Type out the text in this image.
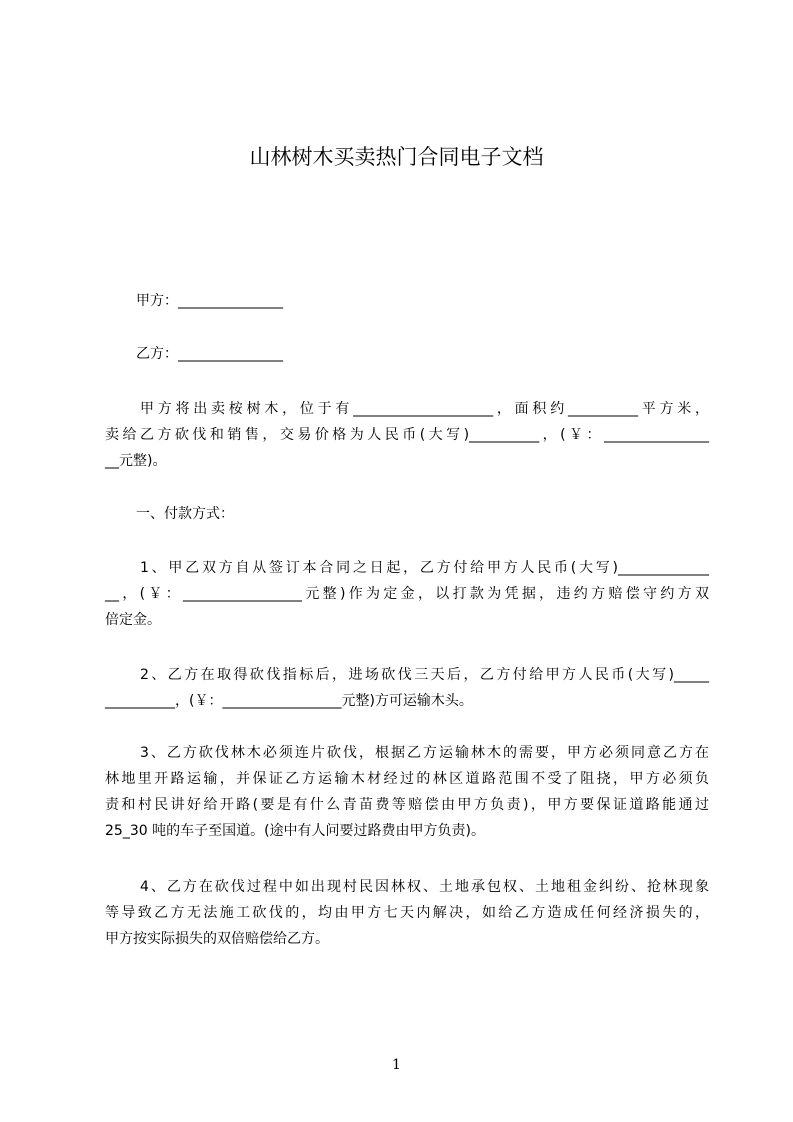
山林树木买卖热门合同电子文档
甲方：_______________
乙方：_______________
甲方将出卖桉树木，位于有____________________，面积约__________平方米，
卖给乙方砍伐和销售，交易价格为人民币(大写)__________，(￥：_______________
__元整)。
一、付款方式：
1、甲乙双方自从签订本合同之日起，乙方付给甲方人民币(大写)_____________
__，(￥：_________________元整)作为定金，以打款为凭据，违约方赔偿守约方双
倍定金。
2、乙方在取得砍伐指标后，进场砍伐三天后，乙方付给甲方人民币(大写)_____
__________，(￥：_________________元整)方可运输木头。
3、乙方砍伐林木必须连片砍伐，根据乙方运输林木的需要，甲方必须同意乙方在
林地里开路运输，并保证乙方运输木材经过的林区道路范围不受了阻挠，甲方必须负
责和村民讲好给开路(要是有什么青苗费等赔偿由甲方负责)，甲方要保证道路能通过
25_30 吨的车子至国道。(途中有人问要过路费由甲方负责)。
4、乙方在砍伐过程中如出现村民因林权、土地承包权、土地租金纠纷、抢林现象
等导致乙方无法施工砍伐的，均由甲方七天内解决，如给乙方造成任何经济损失的，
甲方按实际损失的双倍赔偿给乙方。
1
